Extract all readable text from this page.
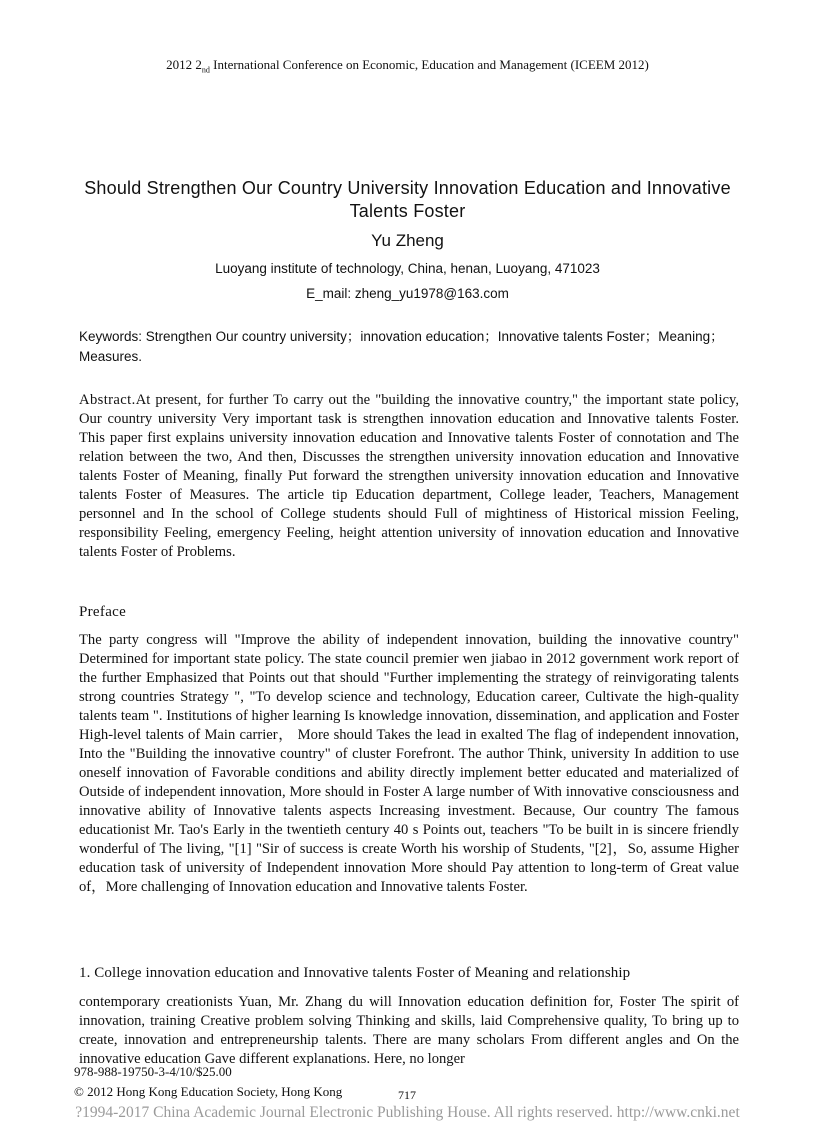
2012 $2_{nd}$ International Conference on Economic, Education and Management (ICEEM 2012)
Should Strengthen Our Country University Innovation Education and Innovative Talents Foster
Yu Zheng
Luoyang institute of technology, China, henan, Luoyang, 471023
E_mail: zheng_yu1978@163.com
Keywords: Strengthen Our country university；innovation education；Innovative talents Foster；Meaning；Measures.
Abstract.At present, for further To carry out the "building the innovative country," the important state policy, Our country university Very important task is strengthen innovation education and Innovative talents Foster. This paper first explains university innovation education and Innovative talents Foster of connotation and The relation between the two, And then, Discusses the strengthen university innovation education and Innovative talents Foster of Meaning, finally Put forward the strengthen university innovation education and Innovative talents Foster of Measures. The article tip Education department, College leader, Teachers, Management personnel and In the school of College students should Full of mightiness of Historical mission Feeling, responsibility Feeling, emergency Feeling, height attention university of innovation education and Innovative talents Foster of Problems.
Preface
The party congress will "Improve the ability of independent innovation, building the innovative country" Determined for important state policy. The state council premier wen jiabao in 2012 government work report of the further Emphasized that Points out that should "Further implementing the strategy of reinvigorating talents strong countries Strategy ", "To develop science and technology, Education career, Cultivate the high-quality talents team ". Institutions of higher learning Is knowledge innovation, dissemination, and application and Foster High-level talents of Main carrier， More should Takes the lead in exalted The flag of independent innovation, Into the "Building the innovative country" of cluster Forefront. The author Think, university In addition to use oneself innovation of Favorable conditions and ability directly implement better educated and materialized of Outside of independent innovation, More should in Foster A large number of With innovative consciousness and innovative ability of Innovative talents aspects Increasing investment. Because, Our country The famous educationist Mr. Tao's Early in the twentieth century 40 s Points out, teachers "To be built in is sincere friendly wonderful of The living, "[1] "Sir of success is create Worth his worship of Students, "[2]，So, assume Higher education task of university of Independent innovation More should Pay attention to long-term of Great value of，More challenging of Innovation education and Innovative talents Foster.
1. College innovation education and Innovative talents Foster of Meaning and relationship
contemporary creationists Yuan, Mr. Zhang du will Innovation education definition for, Foster The spirit of innovation, training Creative problem solving Thinking and skills, laid Comprehensive quality, To bring up to create, innovation and entrepreneurship talents. There are many scholars From different angles and On the innovative education Gave different explanations. Here, no longer
978-988-19750-3-4/10/$25.00
© 2012 Hong Kong Education Society, Hong Kong	717
?1994-2017 China Academic Journal Electronic Publishing House. All rights reserved. http://www.cnki.net
